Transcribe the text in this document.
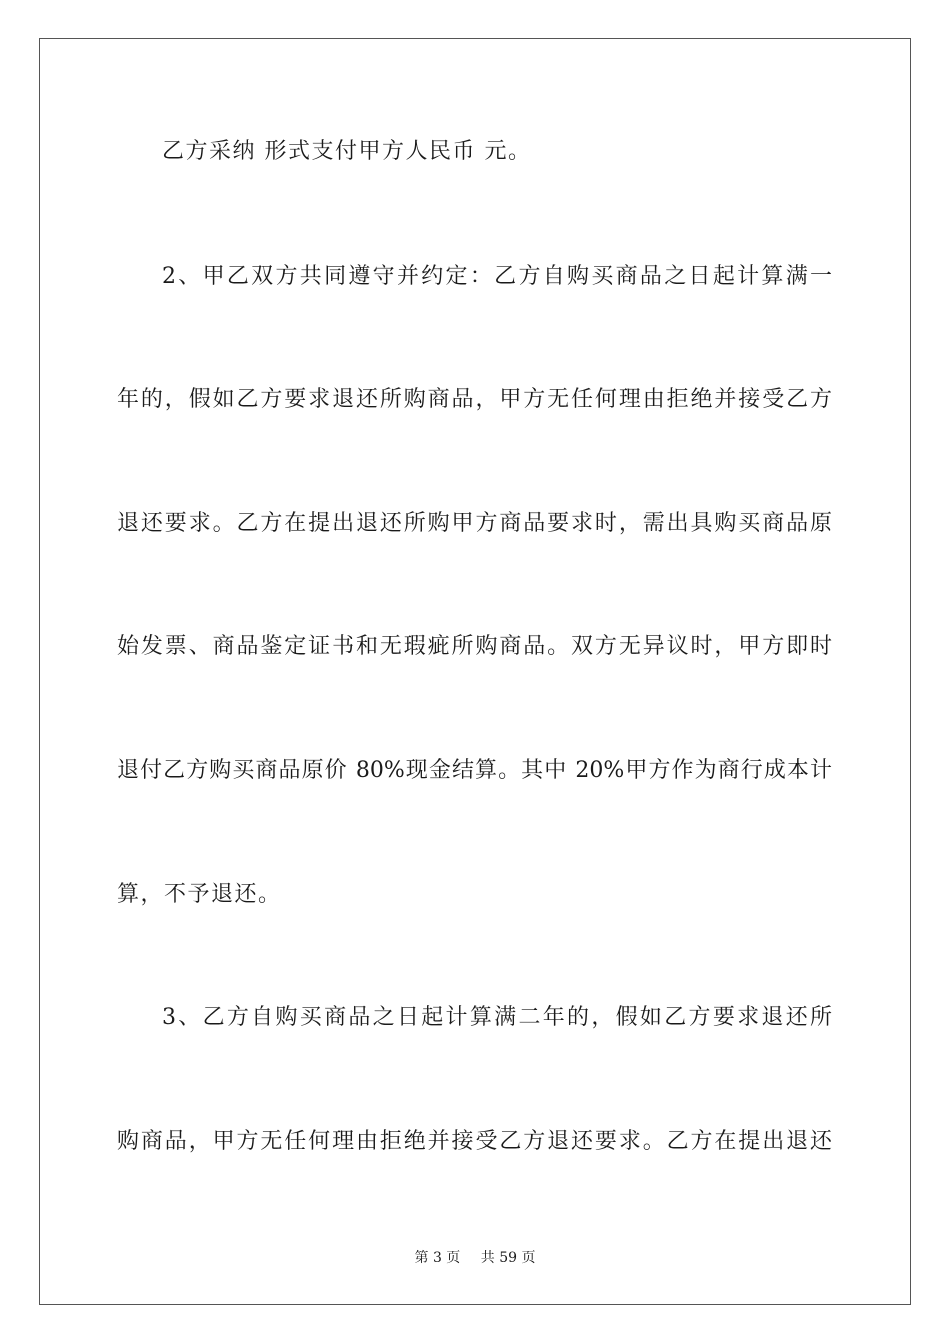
乙方采纳 形式支付甲方人民币 元。
2、甲乙双方共同遵守并约定：乙方自购买商品之日起计算满一
年的，假如乙方要求退还所购商品，甲方无任何理由拒绝并接受乙方
退还要求。乙方在提出退还所购甲方商品要求时，需出具购买商品原
始发票、商品鉴定证书和无瑕疵所购商品。双方无异议时，甲方即时
退付乙方购买商品原价 80%现金结算。其中 20%甲方作为商行成本计
算，不予退还。
3、乙方自购买商品之日起计算满二年的，假如乙方要求退还所
购商品，甲方无任何理由拒绝并接受乙方退还要求。乙方在提出退还
第 3 页 共 59 页
